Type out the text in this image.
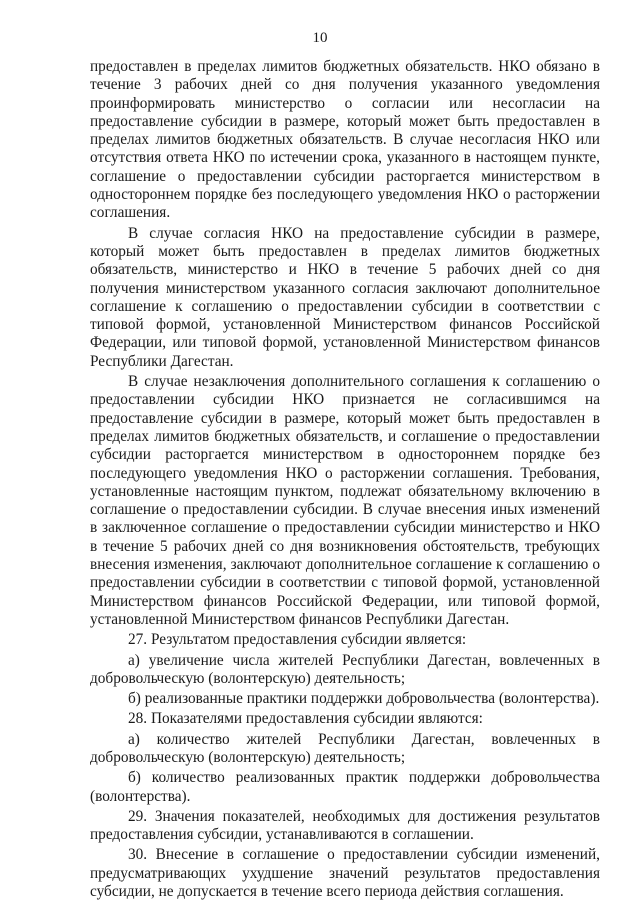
10

предоставлен в пределах лимитов бюджетных обязательств. НКО обязано в течение 3 рабочих дней со дня получения указанного уведомления проинформировать министерство о согласии или несогласии на предоставление субсидии в размере, который может быть предоставлен в пределах лимитов бюджетных обязательств. В случае несогласия НКО или отсутствия ответа НКО по истечении срока, указанного в настоящем пункте, соглашение о предоставлении субсидии расторгается министерством в одностороннем порядке без последующего уведомления НКО о расторжении соглашения.

В случае согласия НКО на предоставление субсидии в размере, который может быть предоставлен в пределах лимитов бюджетных обязательств, министерство и НКО в течение 5 рабочих дней со дня получения министерством указанного согласия заключают дополнительное соглашение к соглашению о предоставлении субсидии в соответствии с типовой формой, установленной Министерством финансов Российской Федерации, или типовой формой, установленной Министерством финансов Республики Дагестан.

В случае незаключения дополнительного соглашения к соглашению о предоставлении субсидии НКО признается не согласившимся на предоставление субсидии в размере, который может быть предоставлен в пределах лимитов бюджетных обязательств, и соглашение о предоставлении субсидии расторгается министерством в одностороннем порядке без последующего уведомления НКО о расторжении соглашения. Требования, установленные настоящим пунктом, подлежат обязательному включению в соглашение о предоставлении субсидии. В случае внесения иных изменений в заключенное соглашение о предоставлении субсидии министерство и НКО в течение 5 рабочих дней со дня возникновения обстоятельств, требующих внесения изменения, заключают дополнительное соглашение к соглашению о предоставлении субсидии в соответствии с типовой формой, установленной Министерством финансов Российской Федерации, или типовой формой, установленной Министерством финансов Республики Дагестан.

27. Результатом предоставления субсидии является:

а) увеличение числа жителей Республики Дагестан, вовлеченных в добровольческую (волонтерскую) деятельность;

б) реализованные практики поддержки добровольчества (волонтерства).

28. Показателями предоставления субсидии являются:

а) количество жителей Республики Дагестан, вовлеченных в добровольческую (волонтерскую) деятельность;

б) количество реализованных практик поддержки добровольчества (волонтерства).

29. Значения показателей, необходимых для достижения результатов предоставления субсидии, устанавливаются в соглашении.

30. Внесение в соглашение о предоставлении субсидии изменений, предусматривающих ухудшение значений результатов предоставления субсидии, не допускается в течение всего периода действия соглашения.
